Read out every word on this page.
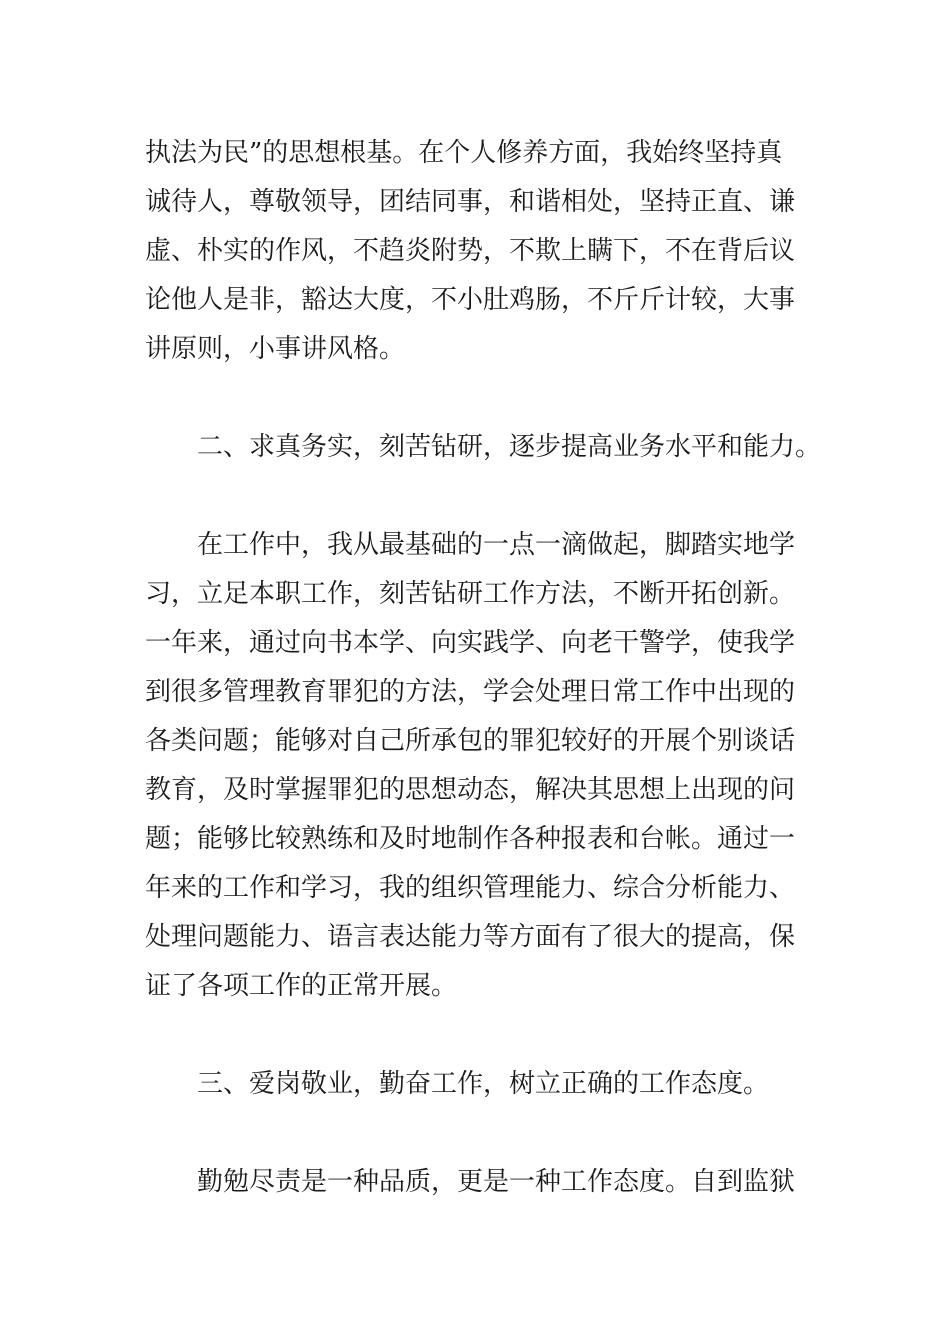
执法为民”的思想根基。在个人修养方面，我始终坚持真
诚待人，尊敬领导，团结同事，和谐相处，坚持正直、谦
虚、朴实的作风，不趋炎附势，不欺上瞒下，不在背后议
论他人是非，豁达大度，不小肚鸡肠，不斤斤计较，大事
讲原则，小事讲风格。
二、求真务实，刻苦钻研，逐步提高业务水平和能力。
在工作中，我从最基础的一点一滴做起，脚踏实地学
习，立足本职工作，刻苦钻研工作方法，不断开拓创新。
一年来，通过向书本学、向实践学、向老干警学，使我学
到很多管理教育罪犯的方法，学会处理日常工作中出现的
各类问题；能够对自己所承包的罪犯较好的开展个别谈话
教育，及时掌握罪犯的思想动态，解决其思想上出现的问
题；能够比较熟练和及时地制作各种报表和台帐。通过一
年来的工作和学习，我的组织管理能力、综合分析能力、
处理问题能力、语言表达能力等方面有了很大的提高，保
证了各项工作的正常开展。
三、爱岗敬业，勤奋工作，树立正确的工作态度。
勤勉尽责是一种品质，更是一种工作态度。自到监狱
